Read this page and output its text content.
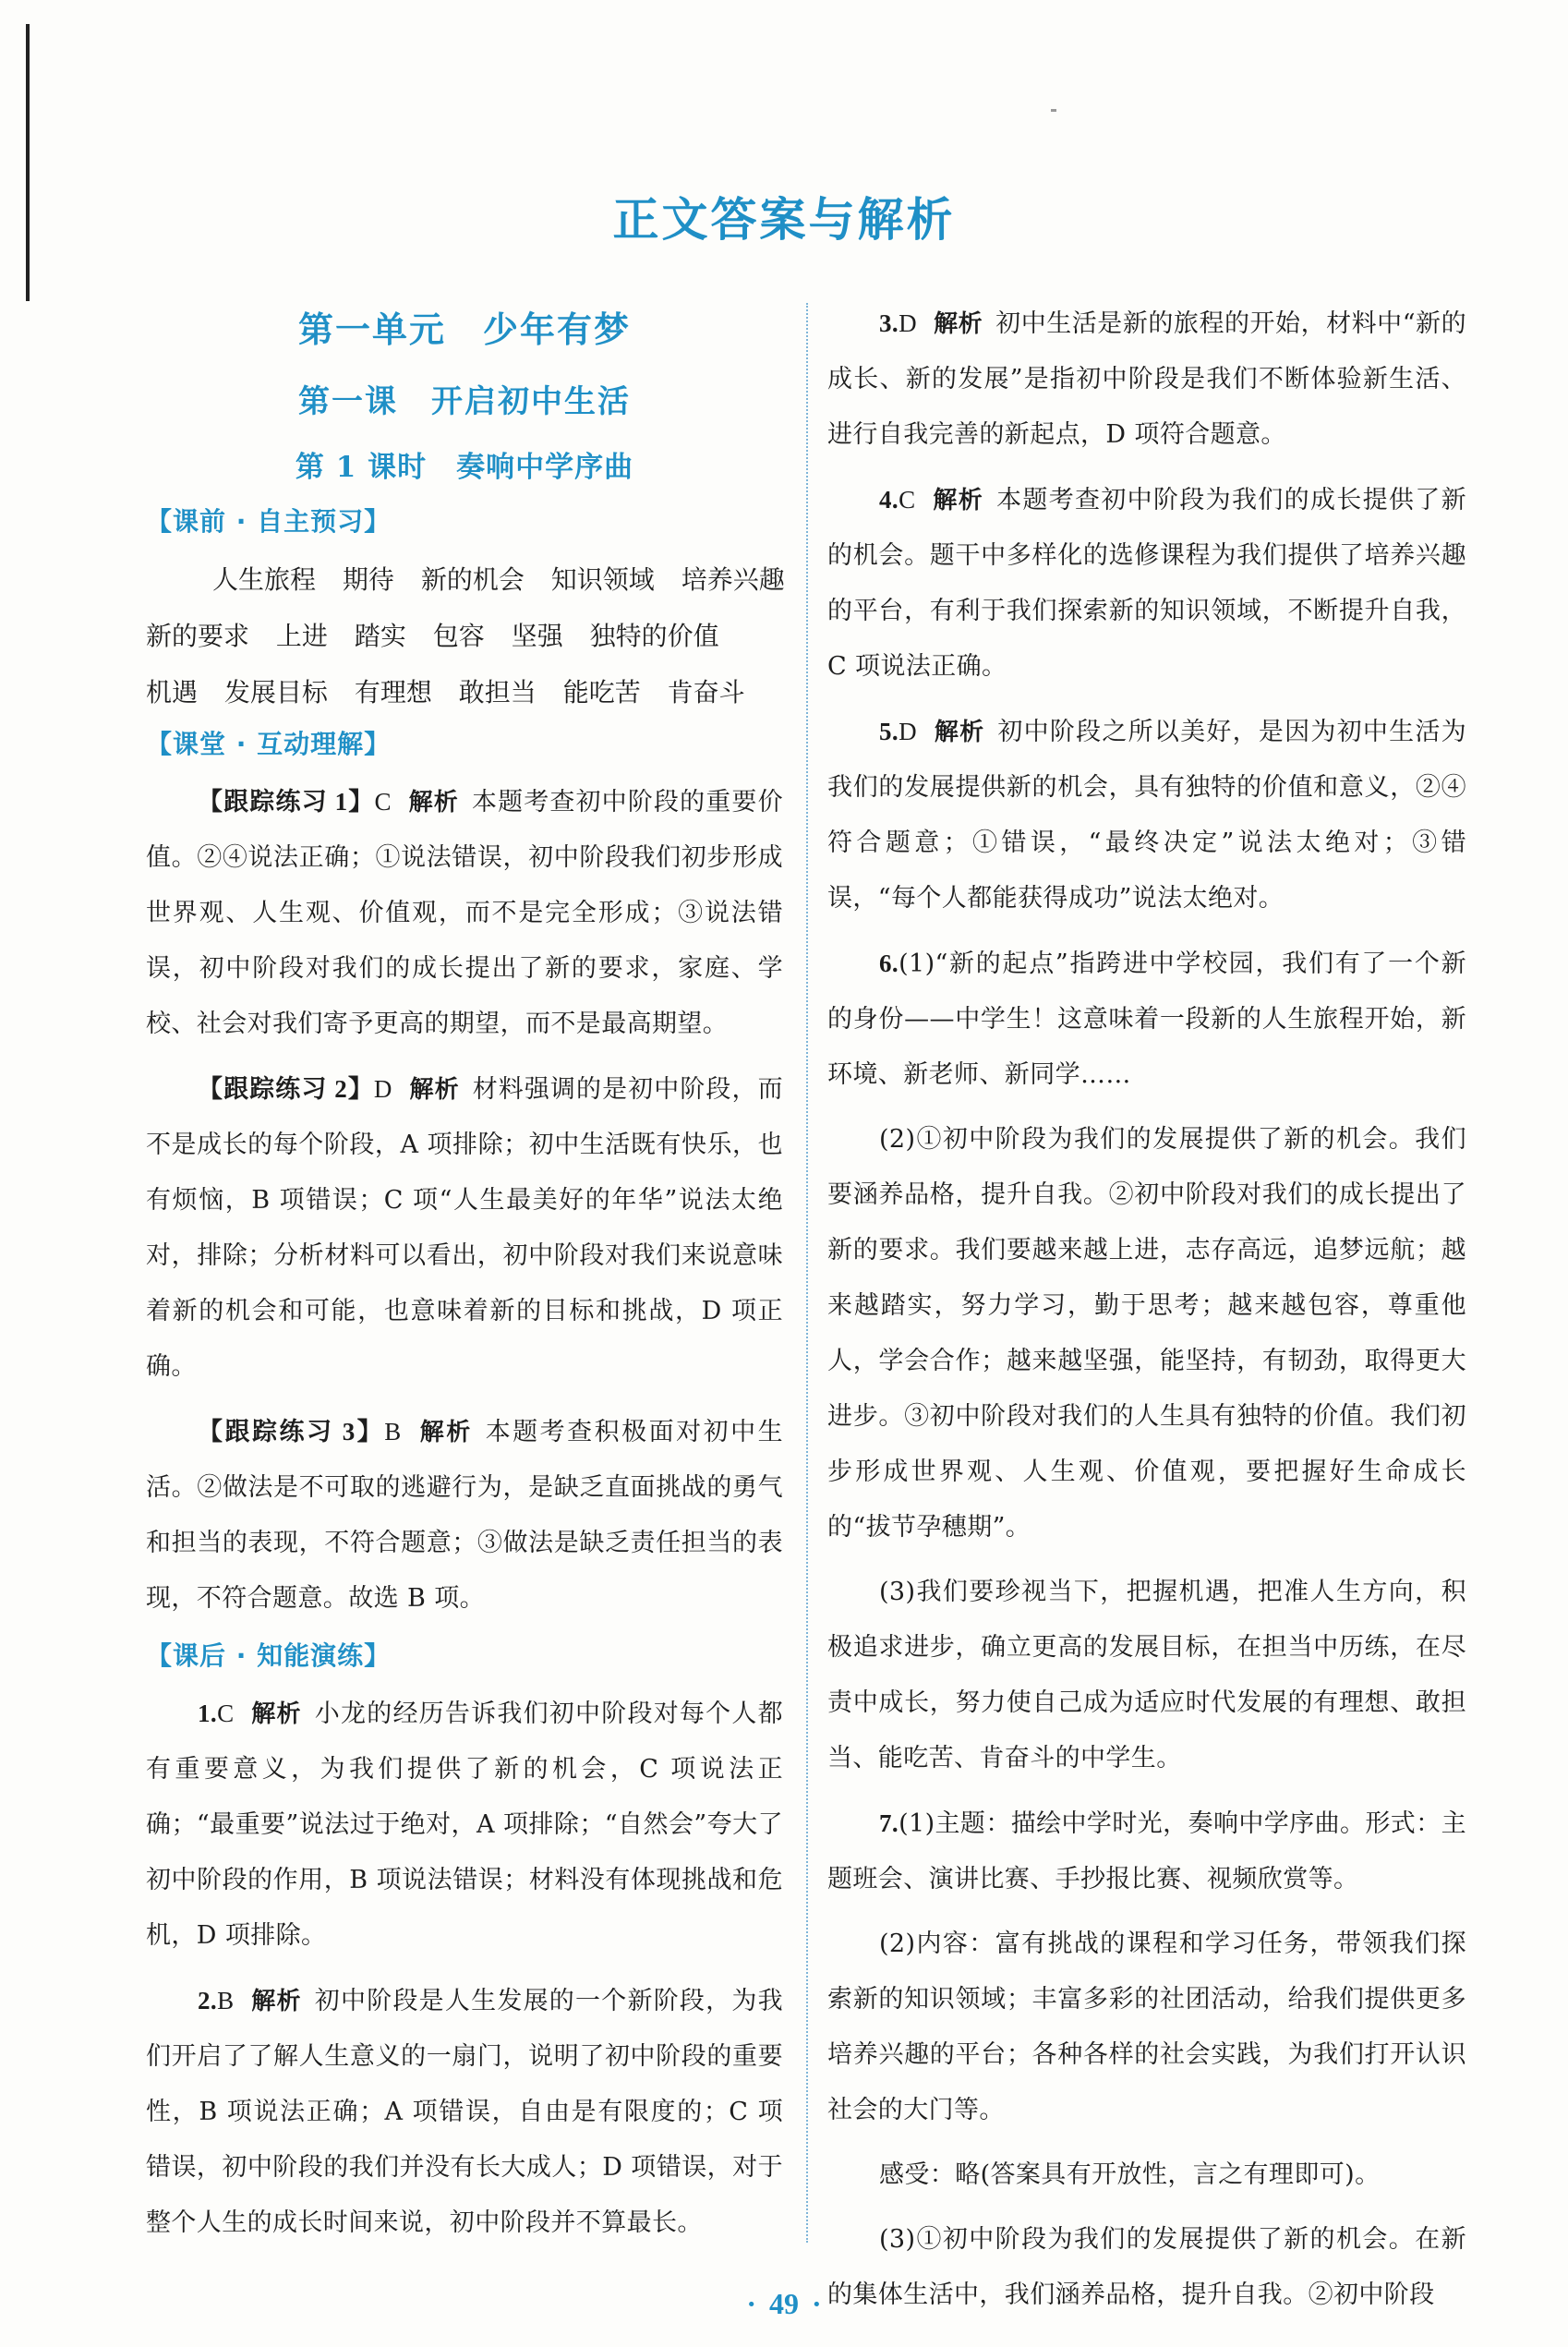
正文答案与解析
第一单元　少年有梦
第一课　开启初中生活
第 1 课时　奏响中学序曲
【课前 · 自主预习】
人生旅程 期待 新的机会 知识领域 培养兴趣
新的要求 上进 踏实 包容 坚强 独特的价值
机遇 发展目标 有理想 敢担当 能吃苦 肯奋斗
【课堂 · 互动理解】

【跟踪练习 1】C 解析 本题考查初中阶段的重要价值。②④说法正确；①说法错误，初中阶段我们初步形成世界观、人生观、价值观，而不是完全形成；③说法错误，初中阶段对我们的成长提出了新的要求，家庭、学校、社会对我们寄予更高的期望，而不是最高期望。

【跟踪练习 2】D 解析 材料强调的是初中阶段，而不是成长的每个阶段，A 项排除；初中生活既有快乐，也有烦恼，B 项错误；C 项“人生最美好的年华”说法太绝对，排除；分析材料可以看出，初中阶段对我们来说意味着新的机会和可能，也意味着新的目标和挑战，D 项正确。

【跟踪练习 3】B 解析 本题考查积极面对初中生活。②做法是不可取的逃避行为，是缺乏直面挑战的勇气和担当的表现，不符合题意；③做法是缺乏责任担当的表现，不符合题意。故选 B 项。

【课后 · 知能演练】

1.C 解析 小龙的经历告诉我们初中阶段对每个人都有重要意义，为我们提供了新的机会，C 项说法正确；“最重要”说法过于绝对，A 项排除；“自然会”夸大了初中阶段的作用，B 项说法错误；材料没有体现挑战和危机，D 项排除。

2.B 解析 初中阶段是人生发展的一个新阶段，为我们开启了了解人生意义的一扇门，说明了初中阶段的重要性，B 项说法正确；A 项错误，自由是有限度的；C 项错误，初中阶段的我们并没有长大成人；D 项错误，对于整个人生的成长时间来说，初中阶段并不算最长。

3.D 解析 初中生活是新的旅程的开始，材料中“新的成长、新的发展”是指初中阶段是我们不断体验新生活、进行自我完善的新起点，D 项符合题意。

4.C 解析 本题考查初中阶段为我们的成长提供了新的机会。题干中多样化的选修课程为我们提供了培养兴趣的平台，有利于我们探索新的知识领域，不断提升自我，C 项说法正确。

5.D 解析 初中阶段之所以美好，是因为初中生活为我们的发展提供新的机会，具有独特的价值和意义，②④符合题意；①错误，“最终决定”说法太绝对；③错误，“每个人都能获得成功”说法太绝对。

6.(1)“新的起点”指跨进中学校园，我们有了一个新的身份——中学生！这意味着一段新的人生旅程开始，新环境、新老师、新同学……

(2)①初中阶段为我们的发展提供了新的机会。我们要涵养品格，提升自我。②初中阶段对我们的成长提出了新的要求。我们要越来越上进，志存高远，追梦远航；越来越踏实，努力学习，勤于思考；越来越包容，尊重他人，学会合作；越来越坚强，能坚持，有韧劲，取得更大进步。③初中阶段对我们的人生具有独特的价值。我们初步形成世界观、人生观、价值观，要把握好生命成长的“拔节孕穗期”。

(3)我们要珍视当下，把握机遇，把准人生方向，积极追求进步，确立更高的发展目标，在担当中历练，在尽责中成长，努力使自己成为适应时代发展的有理想、敢担当、能吃苦、肯奋斗的中学生。

7.(1)主题：描绘中学时光，奏响中学序曲。形式：主题班会、演讲比赛、手抄报比赛、视频欣赏等。

(2)内容：富有挑战的课程和学习任务，带领我们探索新的知识领域；丰富多彩的社团活动，给我们提供更多培养兴趣的平台；各种各样的社会实践，为我们打开认识社会的大门等。

感受：略(答案具有开放性，言之有理即可)。

(3)①初中阶段为我们的发展提供了新的机会。在新的集体生活中，我们涵养品格，提升自我。②初中阶段

· 49 ·
